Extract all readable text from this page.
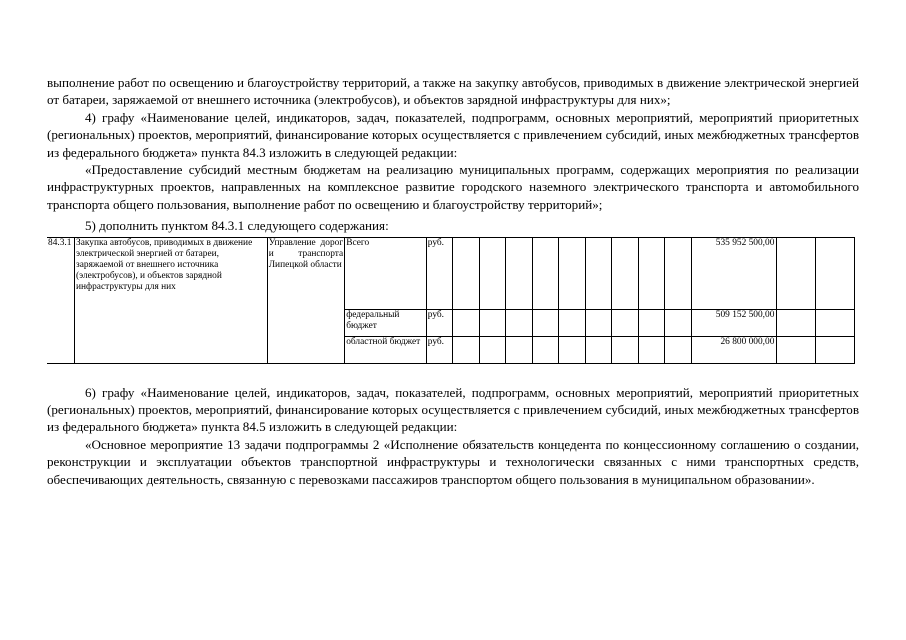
выполнение работ по освещению и благоустройству территорий, а также на закупку автобусов, приводимых в движение электрической энергией от батареи, заряжаемой от внешнего источника (электробусов), и объектов зарядной инфраструктуры для них»;

4) графу «Наименование целей, индикаторов, задач, показателей, подпрограмм, основных мероприятий, мероприятий приоритетных (региональных) проектов, мероприятий, финансирование которых осуществляется с привлечением субсидий, иных межбюджетных трансфертов из федерального бюджета» пункта 84.3 изложить в следующей редакции:

«Предоставление субсидий местным бюджетам на реализацию муниципальных программ, содержащих мероприятия по реализации инфраструктурных проектов, направленных на комплексное развитие городского наземного электрического транспорта и автомобильного транспорта общего пользования, выполнение работ по освещению и благоустройству территорий»;

5) дополнить пунктом 84.3.1 следующего содержания:

84.3.1	Закупка автобусов, приводимых в движение электрической энергией от батареи, заряжаемой от внешнего источника (электробусов), и объектов зарядной инфраструктуры для них	Управление дорог и транспорта Липецкой области	Всего	руб.										535 952 500,00		
			федеральный бюджет	руб.										509 152 500,00		
			областной бюджет	руб.										26 800 000,00		

6) графу «Наименование целей, индикаторов, задач, показателей, подпрограмм, основных мероприятий, мероприятий приоритетных (региональных) проектов, мероприятий, финансирование которых осуществляется с привлечением субсидий, иных межбюджетных трансфертов из федерального бюджета» пункта 84.5 изложить в следующей редакции:

«Основное мероприятие 13 задачи подпрограммы 2 «Исполнение обязательств концедента по концессионному соглашению о создании, реконструкции и эксплуатации объектов транспортной инфраструктуры и технологически связанных с ними транспортных средств, обеспечивающих деятельность, связанную с перевозками пассажиров транспортом общего пользования в муниципальном образовании».
